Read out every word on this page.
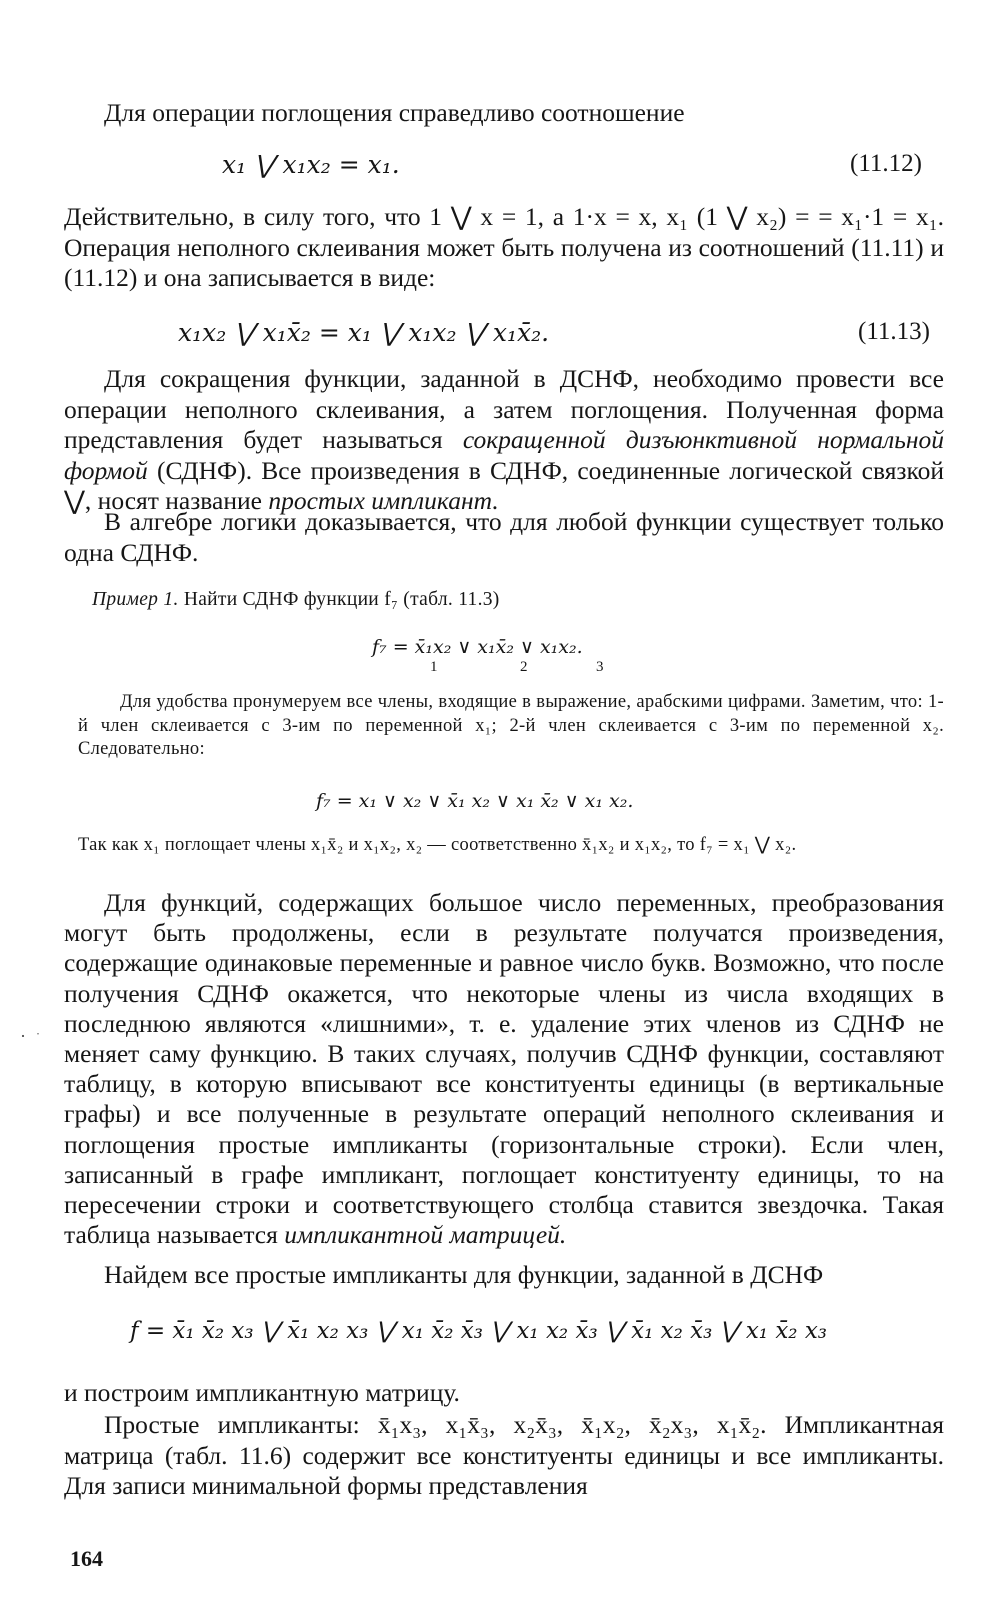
Для операции поглощения справедливо соотношение

x₁ ⋁ x₁x₂ = x₁.	(11.12)

Действительно, в силу того, что 1 ⋁ x = 1, а 1·x = x, x₁ (1 ⋁ x₂) = = x₁·1 = x₁. Операция неполного склеивания может быть получена из соотношений (11.11) и (11.12) и она записывается в виде:

x₁x₂ ⋁ x₁x̄₂ = x₁ ⋁ x₁x₂ ⋁ x₁x̄₂.	(11.13)

Для сокращения функции, заданной в ДСНФ, необходимо провести все операции неполного склеивания, а затем поглощения. Полученная форма представления будет называться сокращенной дизъюнктивной нормальной формой (СДНФ). Все произведения в СДНФ, соединенные логической связкой ⋁, носят название простых импликант.

В алгебре логики доказывается, что для любой функции существует только одна СДНФ.

Пример 1. Найти СДНФ функции f₇ (табл. 11.3)

f₇ = x̄₁x₂ ∨ x₁x̄₂ ∨ x₁x₂.

1	2	3

Для удобства пронумеруем все члены, входящие в выражение, арабскими цифрами. Заметим, что: 1-й член склеивается с 3-им по переменной x₁; 2-й член склеивается с 3-им по переменной x₂. Следовательно:

f₇ = x₁ ∨ x₂ ∨ x̄₁ x₂ ∨ x₁ x̄₂ ∨ x₁ x₂.

Так как x₁ поглощает члены x₁x̄₂ и x₁x₂, x₂ — соответственно x̄₁x₂ и x₁x₂, то f₇ = x₁ ⋁ x₂.

Для функций, содержащих большое число переменных, преобразования могут быть продолжены, если в результате получатся произведения, содержащие одинаковые переменные и равное число букв. Возможно, что после получения СДНФ окажется, что некоторые члены из числа входящих в последнюю являются «лишними», т. е. удаление этих членов из СДНФ не меняет саму функцию. В таких случаях, получив СДНФ функции, составляют таблицу, в которую вписывают все конституенты единицы (в вертикальные графы) и все полученные в результате операций неполного склеивания и поглощения простые импликанты (горизонтальные строки). Если член, записанный в графе импликант, поглощает конституенту единицы, то на пересечении строки и соответствующего столбца ставится звездочка. Такая таблица называется импликантной матрицей.

Найдем все простые импликанты для функции, заданной в ДСНФ

f = x̄₁ x̄₂ x₃ ⋁ x̄₁ x₂ x₃ ⋁ x₁ x̄₂ x̄₃ ⋁ x₁ x₂ x̄₃ ⋁ x̄₁ x₂ x̄₃ ⋁ x₁ x̄₂ x₃

и построим импликантную матрицу.

Простые импликанты: x̄₁x₃, x₁x̄₃, x₂x̄₃, x̄₁x₂, x̄₂x₃, x₁x̄₂. Импликантная матрица (табл. 11.6) содержит все конституенты единицы и все импликанты. Для записи минимальной формы представления

164

·
